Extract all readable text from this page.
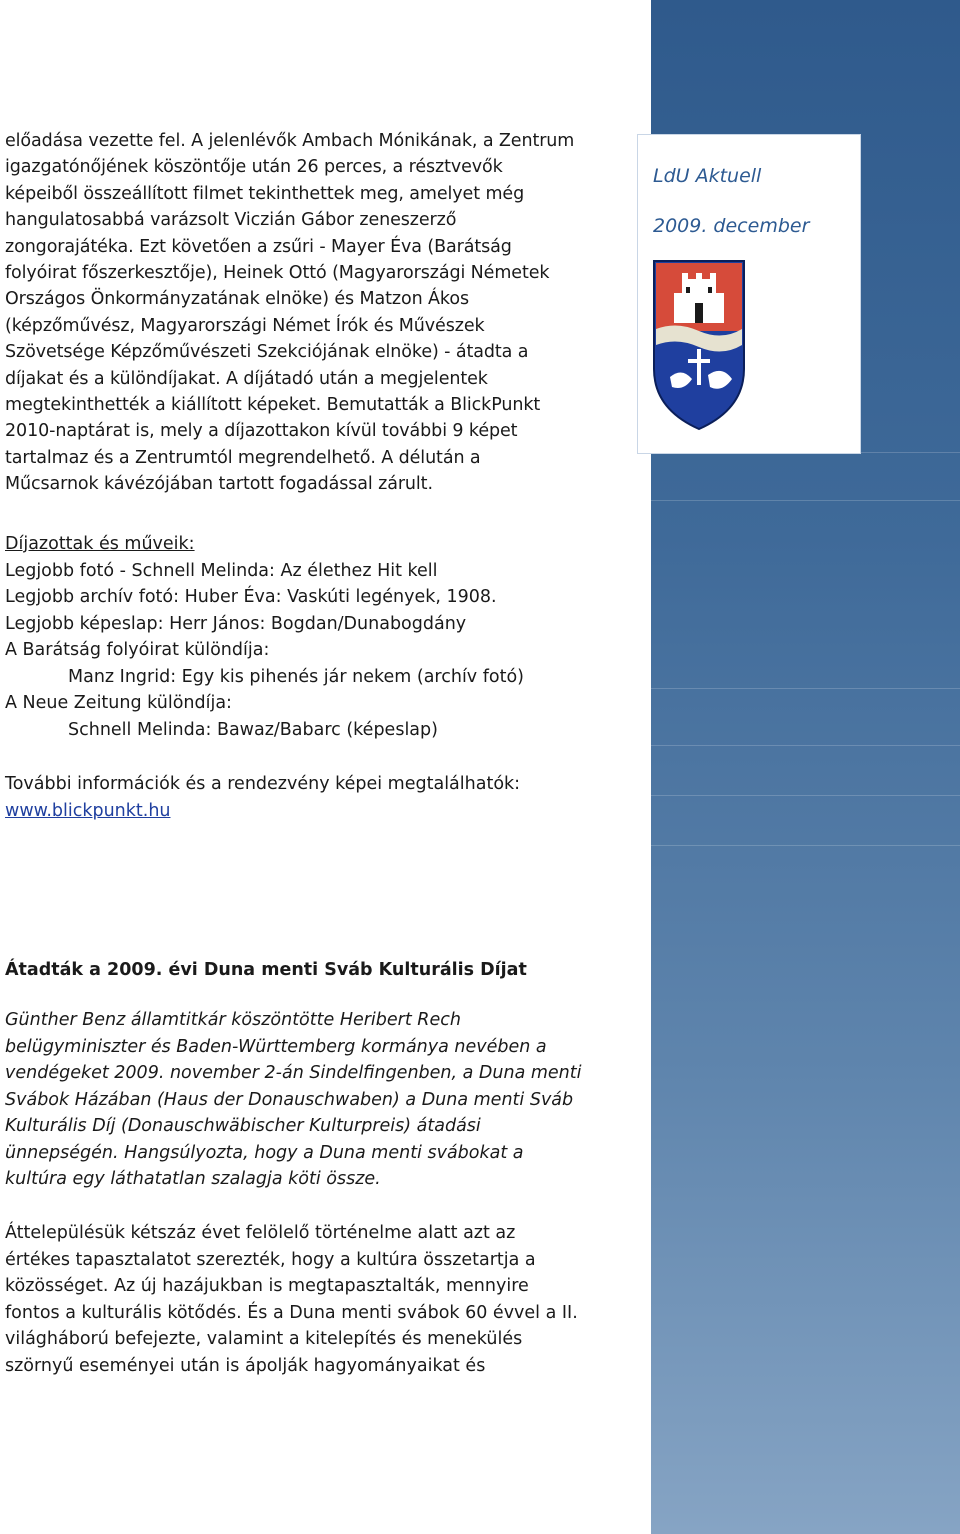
LdU Aktuell
2009. december

előadása vezette fel. A jelenlévők Ambach Mónikának, a Zentrum

igazgatónőjének köszöntője után 26 perces, a résztvevők

képeiből összeállított filmet tekinthettek meg, amelyet még

hangulatosabbá varázsolt Viczián Gábor zeneszerző

zongorajátéka. Ezt követően a zsűri - Mayer Éva (Barátság

folyóirat főszerkesztője), Heinek Ottó (Magyarországi Németek

Országos Önkormányzatának elnöke) és Matzon Ákos

(képzőművész, Magyarországi Német Írók és Művészek

Szövetsége Képzőművészeti Szekciójának elnöke) - átadta a

díjakat és a különdíjakat. A díjátadó után a megjelentek

megtekinthették a kiállított képeket. Bemutatták a BlickPunkt

2010-naptárat is, mely a díjazottakon kívül további 9 képet

tartalmaz és a Zentrumtól megrendelhető. A délután a

Műcsarnok kávézójában tartott fogadással zárult.

Díjazottak és műveik:

Legjobb fotó - Schnell Melinda: Az élethez Hit kell

Legjobb archív fotó: Huber Éva: Vaskúti legények, 1908.

Legjobb képeslap: Herr János: Bogdan/Dunabogdány

A Barátság folyóirat különdíja:

Manz Ingrid: Egy kis pihenés jár nekem (archív fotó)

A Neue Zeitung különdíja:

Schnell Melinda: Bawaz/Babarc (képeslap)

További információk és a rendezvény képei megtalálhatók:

www.blickpunkt.hu

Átadták a 2009. évi Duna menti Sváb Kulturális Díjat

Günther Benz államtitkár köszöntötte Heribert Rech

belügyminiszter és Baden-Württemberg kormánya nevében a

vendégeket 2009. november 2-án Sindelfingenben, a Duna menti

Svábok Házában (Haus der Donauschwaben) a Duna menti Sváb

Kulturális Díj (Donauschwäbischer Kulturpreis) átadási

ünnepségén. Hangsúlyozta, hogy a Duna menti svábokat a

kultúra egy láthatatlan szalagja köti össze.

Áttelepülésük kétszáz évet felölelő történelme alatt azt az

értékes tapasztalatot szerezték, hogy a kultúra összetartja a

közösséget. Az új hazájukban is megtapasztalták, mennyire

fontos a kulturális kötődés. És a Duna menti svábok 60 évvel a II.

világháború befejezte, valamint a kitelepítés és menekülés

szörnyű eseményei után is ápolják hagyományaikat és
